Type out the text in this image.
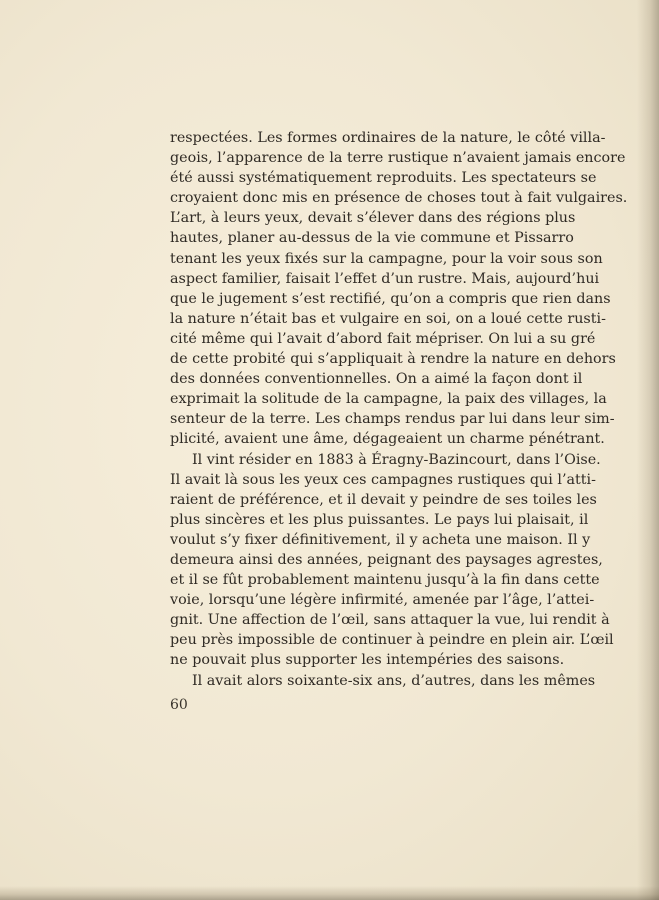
respectées. Les formes ordinaires de la nature, le côté villa-
geois, l’apparence de la terre rustique n’avaient jamais encore
été aussi systématiquement reproduits. Les spectateurs se
croyaient donc mis en présence de choses tout à fait vulgaires.
L’art, à leurs yeux, devait s’élever dans des régions plus
hautes, planer au-dessus de la vie commune et Pissarro
tenant les yeux fixés sur la campagne, pour la voir sous son
aspect familier, faisait l’effet d’un rustre. Mais, aujourd’hui
que le jugement s’est rectifié, qu’on a compris que rien dans
la nature n’était bas et vulgaire en soi, on a loué cette rusti-
cité même qui l’avait d’abord fait mépriser. On lui a su gré
de cette probité qui s’appliquait à rendre la nature en dehors
des données conventionnelles. On a aimé la façon dont il
exprimait la solitude de la campagne, la paix des villages, la
senteur de la terre. Les champs rendus par lui dans leur sim-
plicité, avaient une âme, dégageaient un charme pénétrant.
Il vint résider en 1883 à Éragny-Bazincourt, dans l’Oise.
Il avait là sous les yeux ces campagnes rustiques qui l’atti-
raient de préférence, et il devait y peindre de ses toiles les
plus sincères et les plus puissantes. Le pays lui plaisait, il
voulut s’y fixer définitivement, il y acheta une maison. Il y
demeura ainsi des années, peignant des paysages agrestes,
et il se fût probablement maintenu jusqu’à la fin dans cette
voie, lorsqu’une légère infirmité, amenée par l’âge, l’attei-
gnit. Une affection de l’œil, sans attaquer la vue, lui rendit à
peu près impossible de continuer à peindre en plein air. L’œil
ne pouvait plus supporter les intempéries des saisons.
Il avait alors soixante-six ans, d’autres, dans les mêmes
60
